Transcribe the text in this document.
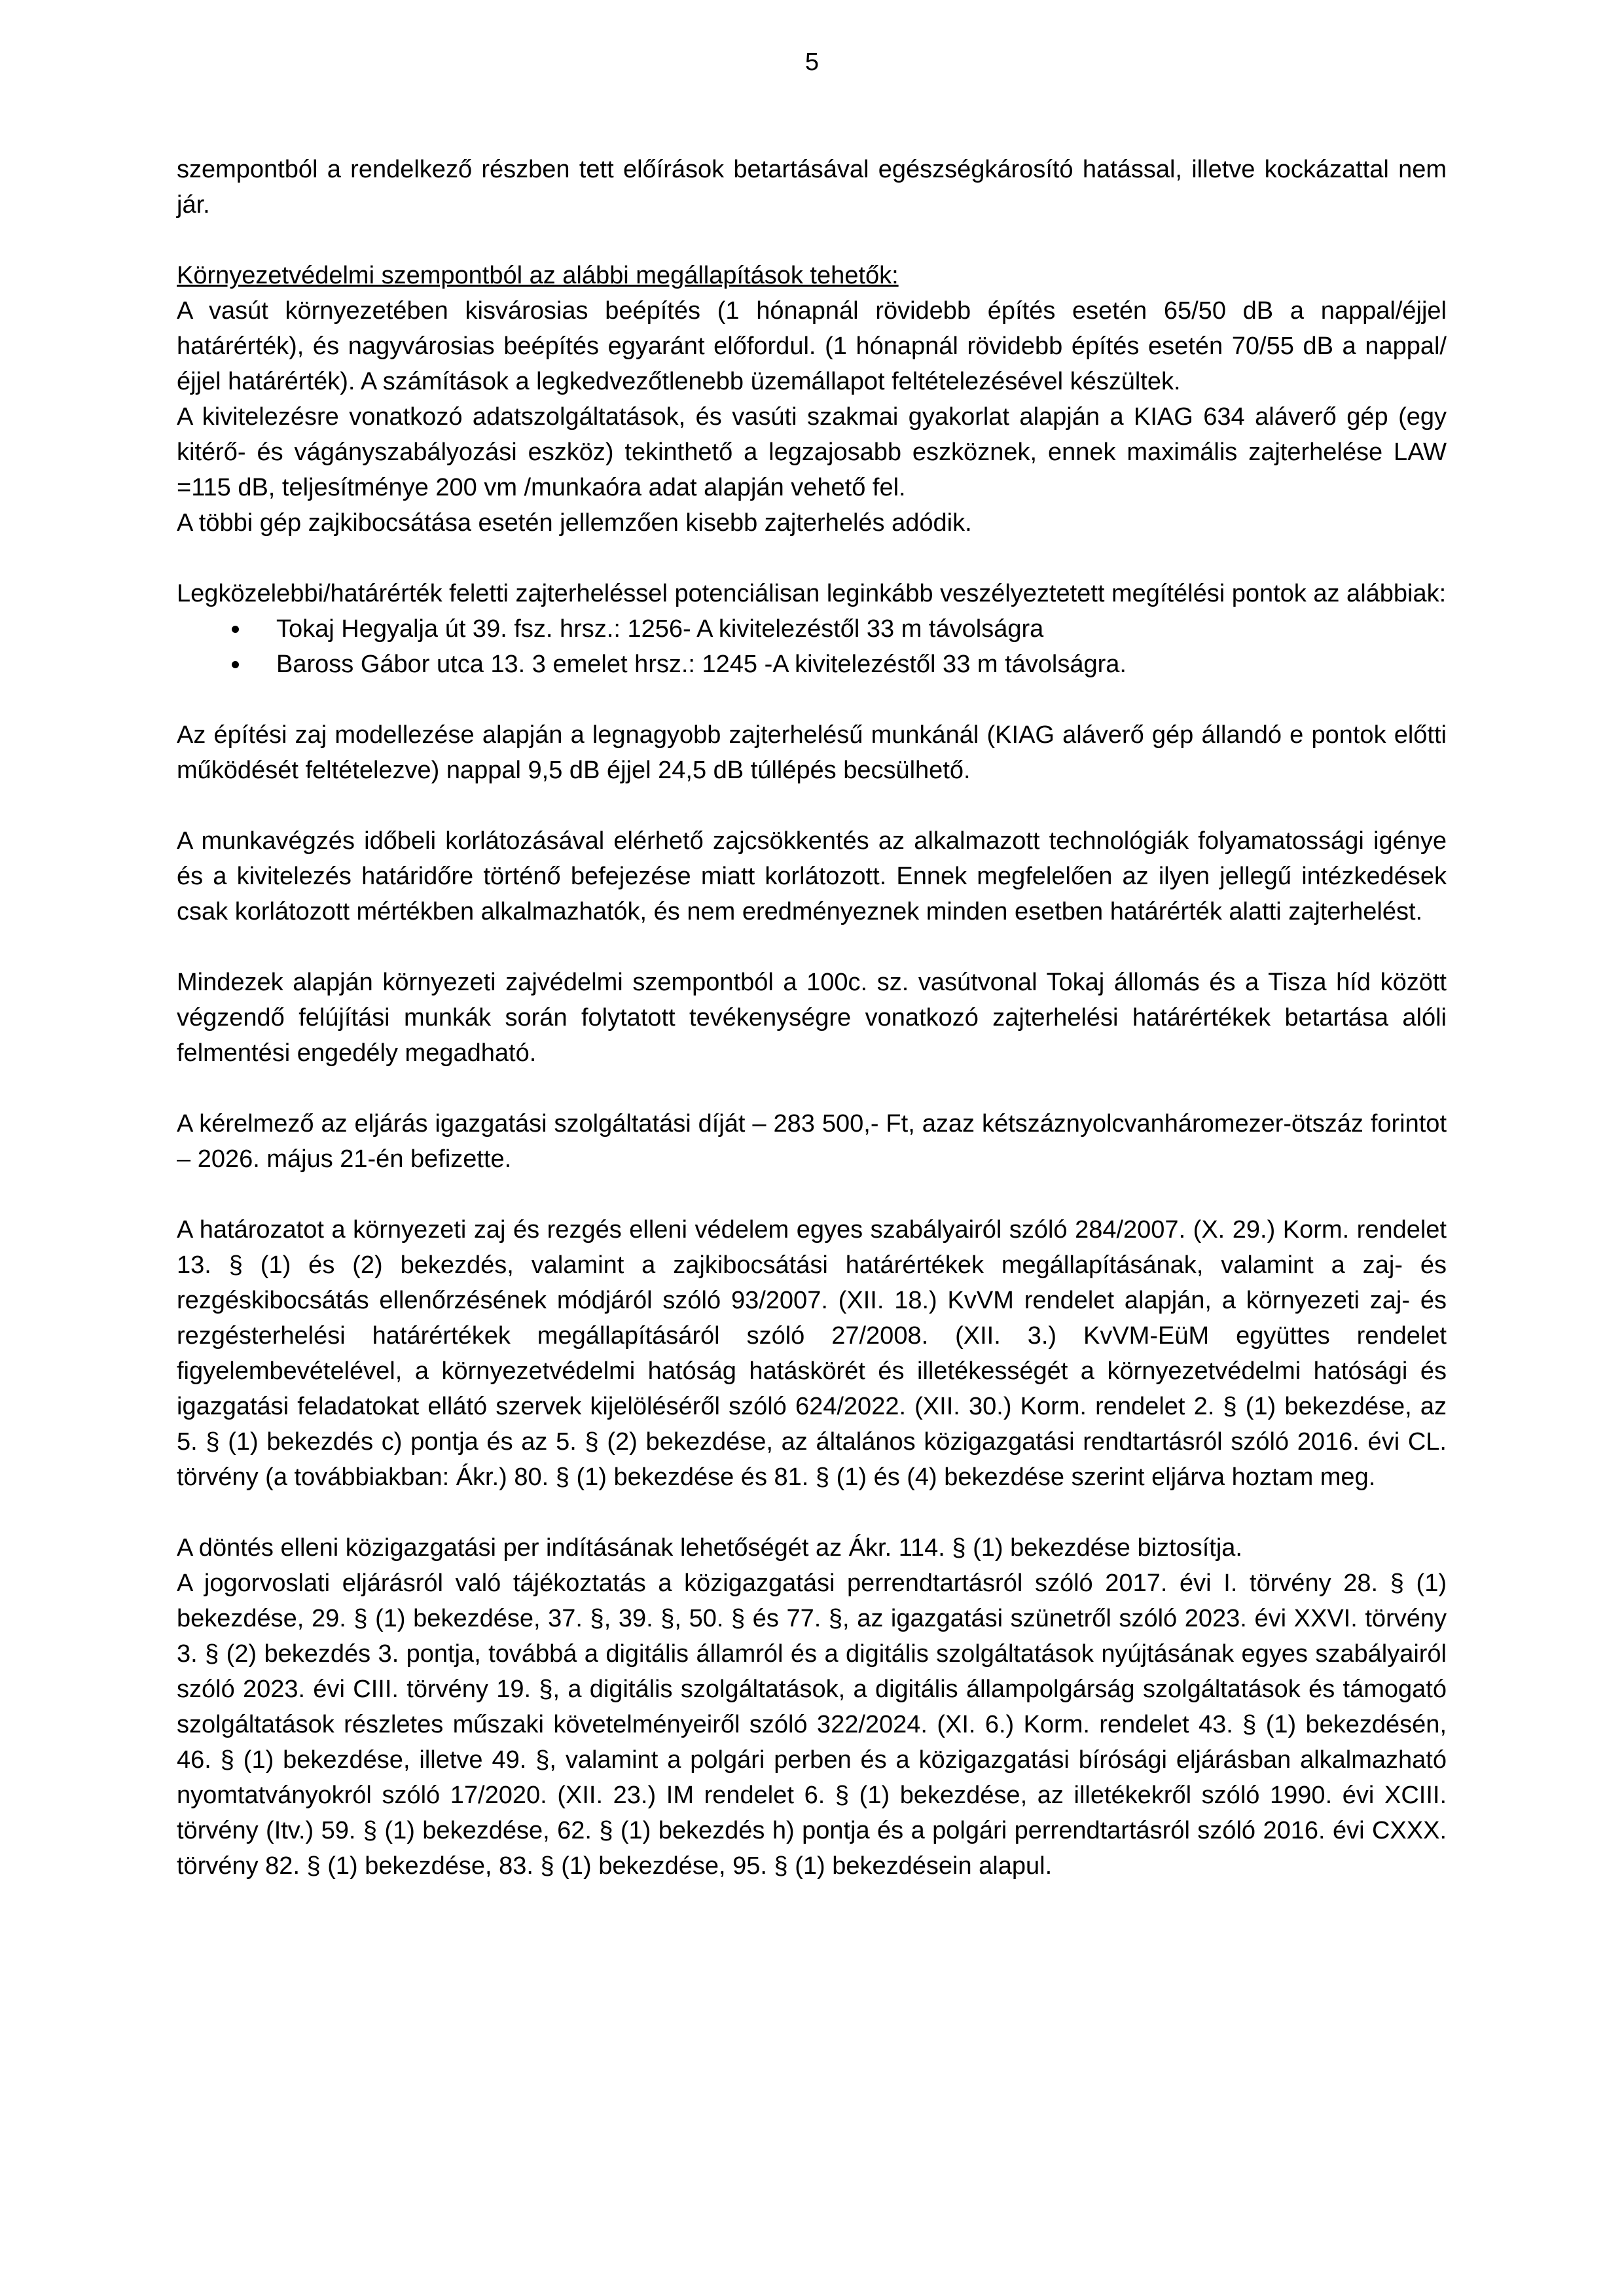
5

szempontból a rendelkező részben tett előírások betartásával egészségkárosító hatással, illetve kockázattal nem jár.

Környezetvédelmi szempontból az alábbi megállapítások tehetők:

A vasút környezetében kisvárosias beépítés (1 hónapnál rövidebb építés esetén 65/50 dB a nappal/éjjel határérték), és nagyvárosias beépítés egyaránt előfordul. (1 hónapnál rövidebb építés esetén 70/55 dB a nappal/éjjel határérték). A számítások a legkedvezőtlenebb üzemállapot feltételezésével készültek.

A kivitelezésre vonatkozó adatszolgáltatások, és vasúti szakmai gyakorlat alapján a KIAG 634 aláverő gép (egy kitérő- és vágányszabályozási eszköz) tekinthető a legzajosabb eszköznek, ennek maximális zajterhelése LAW =115 dB, teljesítménye 200 vm /munkaóra adat alapján vehető fel.

A többi gép zajkibocsátása esetén jellemzően kisebb zajterhelés adódik.

Legközelebbi/határérték feletti zajterheléssel potenciálisan leginkább veszélyeztetett megítélési pontok az alábbiak:

Tokaj Hegyalja út 39. fsz. hrsz.: 1256- A kivitelezéstől 33 m távolságra
Baross Gábor utca 13. 3 emelet hrsz.: 1245 -A kivitelezéstől 33 m távolságra.

Az építési zaj modellezése alapján a legnagyobb zajterhelésű munkánál (KIAG aláverő gép állandó e pontok előtti működését feltételezve) nappal 9,5 dB éjjel 24,5 dB túllépés becsülhető.

A munkavégzés időbeli korlátozásával elérhető zajcsökkentés az alkalmazott technológiák folyamatossági igénye és a kivitelezés határidőre történő befejezése miatt korlátozott. Ennek megfelelően az ilyen jellegű intézkedések csak korlátozott mértékben alkalmazhatók, és nem eredményeznek minden esetben határérték alatti zajterhelést.

Mindezek alapján környezeti zajvédelmi szempontból a 100c. sz. vasútvonal Tokaj állomás és a Tisza híd között végzendő felújítási munkák során folytatott tevékenységre vonatkozó zajterhelési határértékek betartása alóli felmentési engedély megadható.

A kérelmező az eljárás igazgatási szolgáltatási díját – 283 500,- Ft, azaz kétszáznyolcvanháromezer-ötszáz forintot – 2026. május 21-én befizette.

A határozatot a környezeti zaj és rezgés elleni védelem egyes szabályairól szóló 284/2007. (X. 29.) Korm. rendelet 13. § (1) és (2) bekezdés, valamint a zajkibocsátási határértékek megállapításának, valamint a zaj- és rezgéskibocsátás ellenőrzésének módjáról szóló 93/2007. (XII. 18.) KvVM rendelet alapján, a környezeti zaj- és rezgésterhelési határértékek megállapításáról szóló 27/2008. (XII. 3.) KvVM-EüM együttes rendelet figyelembevételével, a környezetvédelmi hatóság hatáskörét és illetékességét a környezetvédelmi hatósági és igazgatási feladatokat ellátó szervek kijelöléséről szóló 624/2022. (XII. 30.) Korm. rendelet 2. § (1) bekezdése, az 5. § (1) bekezdés c) pontja és az 5. § (2) bekezdése, az általános közigazgatási rendtartásról szóló 2016. évi CL. törvény (a továbbiakban: Ákr.) 80. § (1) bekezdése és 81. § (1) és (4) bekezdése szerint eljárva hoztam meg.

A döntés elleni közigazgatási per indításának lehetőségét az Ákr. 114. § (1) bekezdése biztosítja.

A jogorvoslati eljárásról való tájékoztatás a közigazgatási perrendtartásról szóló 2017. évi I. törvény 28. § (1) bekezdése, 29. § (1) bekezdése, 37. §, 39. §, 50. § és 77. §, az igazgatási szünetről szóló 2023. évi XXVI. törvény 3. § (2) bekezdés 3. pontja, továbbá a digitális államról és a digitális szolgáltatások nyújtásának egyes szabályairól szóló 2023. évi CIII. törvény 19. §, a digitális szolgáltatások, a digitális állampolgárság szolgáltatások és támogató szolgáltatások részletes műszaki követelményeiről szóló 322/2024. (XI. 6.) Korm. rendelet 43. § (1) bekezdésén, 46. § (1) bekezdése, illetve 49. §, valamint a polgári perben és a közigazgatási bírósági eljárásban alkalmazható nyomtatványokról szóló 17/2020. (XII. 23.) IM rendelet 6. § (1) bekezdése, az illetékekről szóló 1990. évi XCIII. törvény (Itv.) 59. § (1) bekezdése, 62. § (1) bekezdés h) pontja és a polgári perrendtartásról szóló 2016. évi CXXX. törvény 82. § (1) bekezdése, 83. § (1) bekezdése, 95. § (1) bekezdésein alapul.
